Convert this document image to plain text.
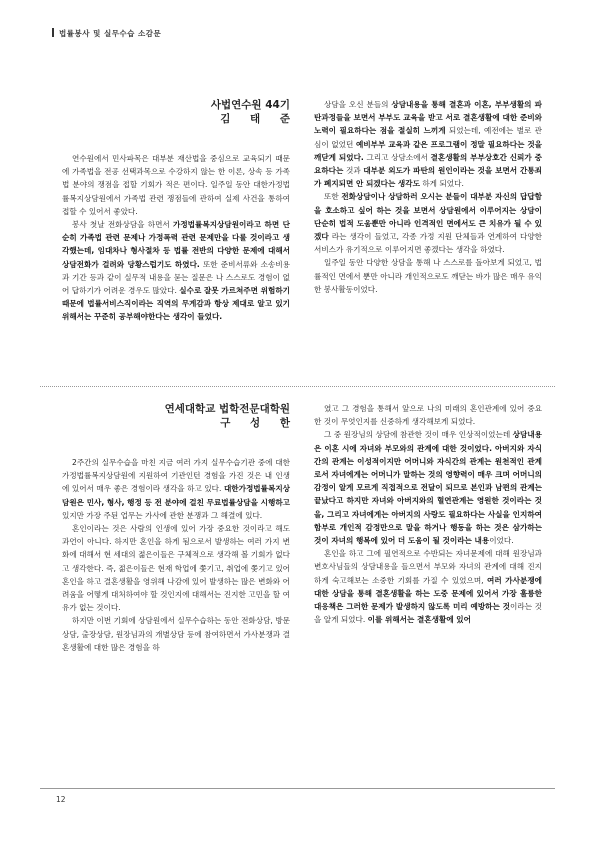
법률봉사 및 실무수습 소감문
사법연수원 44기
김 태 준

연수원에서 민사파목은 대부분 재산법을 중심으로 교육되기 때문에 가족법을 전공 선택과목으로 수강하지 않는 한 이론, 상속 등 가족법 분야의 쟁점을 접할 기회가 적은 편이다. 일주일 동안 대한가정법률복지상담원에서 가족법 관련 쟁점들에 관하여 실제 사건을 통하여 접할 수 있어서 좋았다.

봉사 첫날 전화상담을 하면서 가정법률복지상담원이라고 하면 단순히 가족법 관련 문제나 가정폭력 관련 문제만을 다룰 것이라고 생각했는데, 임대차나 형사절차 등 법률 전반의 다양한 문제에 대해서 상담전화가 걸려와 당황스럽기도 하였다. 또한 준비서류와 소송비용과 기간 등과 같이 실무적 내용을 묻는 질문은 나 스스로도 경험이 없어 답하기가 어려운 경우도 많았다. 실수로 잘못 가르쳐주면 위험하기 때문에 법률서비스직이라는 직역의 무게감과 항상 제대로 알고 있기 위해서는 꾸준히 공부해야한다는 생각이 들었다.

상담을 오신 분들의 상담내용을 통해 결혼과 이혼, 부부생활의 파탄과정들을 보면서 부부도 교육을 받고 서로 결혼생활에 대한 준비와 노력이 필요하다는 점을 절실히 느끼게 되었는데, 예전에는 별로 관심이 없었던 예비부부 교육과 같은 프로그램이 정말 필요하다는 것을 깨닫게 되었다. 그리고 상담소에서 결혼생활의 부부상호간 신뢰가 중요하다는 것과 대부분 외도가 파탄의 원인이라는 것을 보면서 간통죄가 폐지되면 안 되겠다는 생각도 하게 되었다.

또한 전화상담이나 상담하러 오시는 분들이 대부분 자신의 답답함을 호소하고 싶어 하는 것을 보면서 상담원에서 이루어지는 상담이 단순히 법적 도움뿐만 아니라 인격적인 면에서도 큰 치유가 될 수 있겠다 라는 생각이 들었고, 각종 가정 지원 단체들과 연계하여 다양한 서비스가 유기적으로 이루어지면 좋겠다는 생각을 하였다.

일주일 동안 다양한 상담을 통해 나 스스로를 돌아보게 되었고, 법률적인 면에서 뿐만 아니라 개인적으로도 깨닫는 바가 많은 매우 유익한 봉사활동이었다.

연세대학교 법학전문대학원
구 성 한

2주간의 실무수습을 마친 지금 여러 가지 실무수습기관 중에 대한가정법률복지상담원에 지원하여 기관인턴 경험을 가진 것은 내 인생에 있어서 매우 좋은 경험이라 생각을 하고 있다. 대한가정법률복지상담원은 민사, 형사, 행정 등 전 분야에 걸친 무료법률상담을 시행하고 있지만 가장 주된 업무는 가사에 관한 분쟁과 그 해결에 있다.

혼인이라는 것은 사람의 인생에 있어 가장 중요한 것이라고 해도 과언이 아니다. 하지만 혼인을 하게 됨으로서 발생하는 여러 가지 변화에 대해서 현 세대의 젊은이들은 구체적으로 생각해 볼 기회가 없다고 생각한다. 즉, 젊은이들은 현재 학업에 쫓기고, 취업에 쫓기고 있어 혼인을 하고 결혼생활을 영위해 나감에 있어 발생하는 많은 변화와 어려움을 어떻게 대처하여야 할 것인지에 대해서는 진지한 고민을 할 여유가 없는 것이다.

하지만 이번 기회에 상담원에서 실무수습하는 동안 전화상담, 방문상담, 출장상담, 원장님과의 개별상담 등에 참여하면서 가사분쟁과 결혼생활에 대한 많은 경험을 하

였고 그 경험을 통해서 앞으로 나의 미래의 혼인관계에 있어 중요한 것이 무엇인지를 신중하게 생각해보게 되었다.

그 중 원장님의 상담에 참관한 것이 매우 인상적이었는데 상담내용은 이혼 시에 자녀와 부모와의 관계에 대한 것이었다. 아버지와 자식간의 관계는 이성적이지만 어머니와 자식간의 관계는 원천적인 관계로서 자녀에게는 어머니가 말하는 것의 영향력이 매우 크며 어머니의 감정이 알게 모르게 직접적으로 전달이 되므로 본인과 남편의 관계는 끝났다고 하지만 자녀와 아버지와의 혈연관계는 영원한 것이라는 것을, 그리고 자녀에게는 아버지의 사랑도 필요하다는 사실을 인지하여 함부로 개인적 감정만으로 말을 하거나 행동을 하는 것은 삼가하는 것이 자녀의 행복에 있어 더 도움이 될 것이라는 내용이었다.

혼인을 하고 그에 필연적으로 수반되는 자녀문제에 대해 원장님과 변호사님들의 상담내용을 들으면서 부모와 자녀의 관계에 대해 진지하게 숙고해보는 소중한 기회를 가질 수 있었으며, 여러 가사분쟁에 대한 상담을 통해 결혼생활을 하는 도중 문제에 있어서 가장 훌륭한 대응책은 그러한 문제가 발생하지 않도록 미리 예방하는 것이라는 것을 알게 되었다. 이를 위해서는 결혼생활에 있어

12
